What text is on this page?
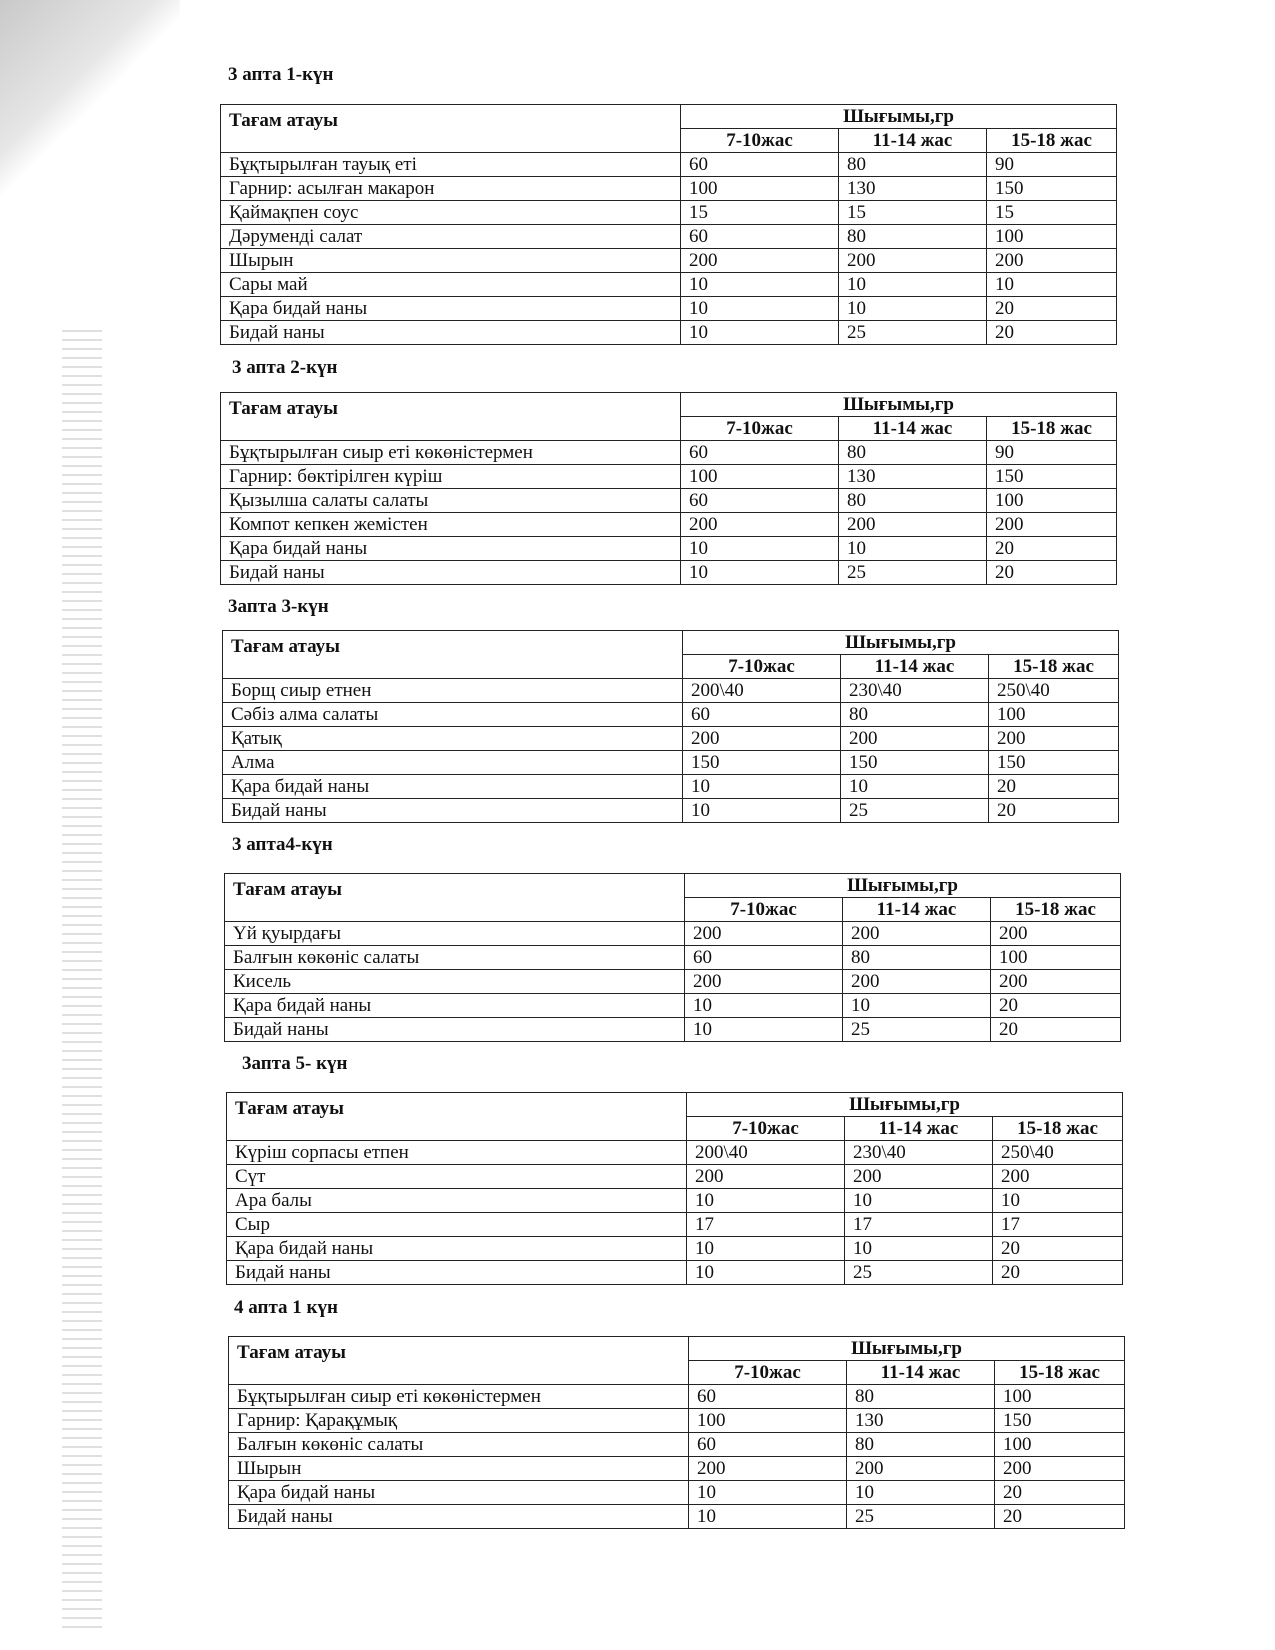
3 апта 1-күн
Тағам атауы	Шығымы,гр		
	7-10жас	11-14 жас	15-18 жас
Бұқтырылған тауық еті	60	80	90
Гарнир: асылған макарон	100	130	150
Қаймақпен соус	15	15	15
Дәруменді салат	60	80	100
Шырын	200	200	200
Сары май	10	10	10
Қара бидай наны	10	10	20
Бидай наны	10	25	20
3 апта 2-күн
Тағам атауы	Шығымы,гр		
	7-10жас	11-14 жас	15-18 жас
Бұқтырылған сиыр еті көкөністермен	60	80	90
Гарнир: бөктірілген күріш	100	130	150
Қызылша салаты салаты	60	80	100
Компот кепкен жемістен	200	200	200
Қара бидай наны	10	10	20
Бидай наны	10	25	20
3апта 3-күн
Тағам атауы	Шығымы,гр		
	7-10жас	11-14 жас	15-18 жас
Борщ сиыр етнен	200\40	230\40	250\40
Сәбіз алма салаты	60	80	100
Қатық	200	200	200
Алма	150	150	150
Қара бидай наны	10	10	20
Бидай наны	10	25	20
3 апта4-күн
Тағам атауы	Шығымы,гр		
	7-10жас	11-14 жас	15-18 жас
Үй қуырдағы	200	200	200
Балғын көкөніс салаты	60	80	100
Кисель	200	200	200
Қара бидай наны	10	10	20
Бидай наны	10	25	20
3апта 5- күн
Тағам атауы	Шығымы,гр		
	7-10жас	11-14 жас	15-18 жас
Күріш сорпасы етпен	200\40	230\40	250\40
Сүт	200	200	200
Ара балы	10	10	10
Сыр	17	17	17
Қара бидай наны	10	10	20
Бидай наны	10	25	20
4 апта 1 күн
Тағам атауы	Шығымы,гр		
	7-10жас	11-14 жас	15-18 жас
Бұқтырылған сиыр еті көкөністермен	60	80	100
Гарнир: Қарақұмық	100	130	150
Балғын көкөніс салаты	60	80	100
Шырын	200	200	200
Қара бидай наны	10	10	20
Бидай наны	10	25	20
